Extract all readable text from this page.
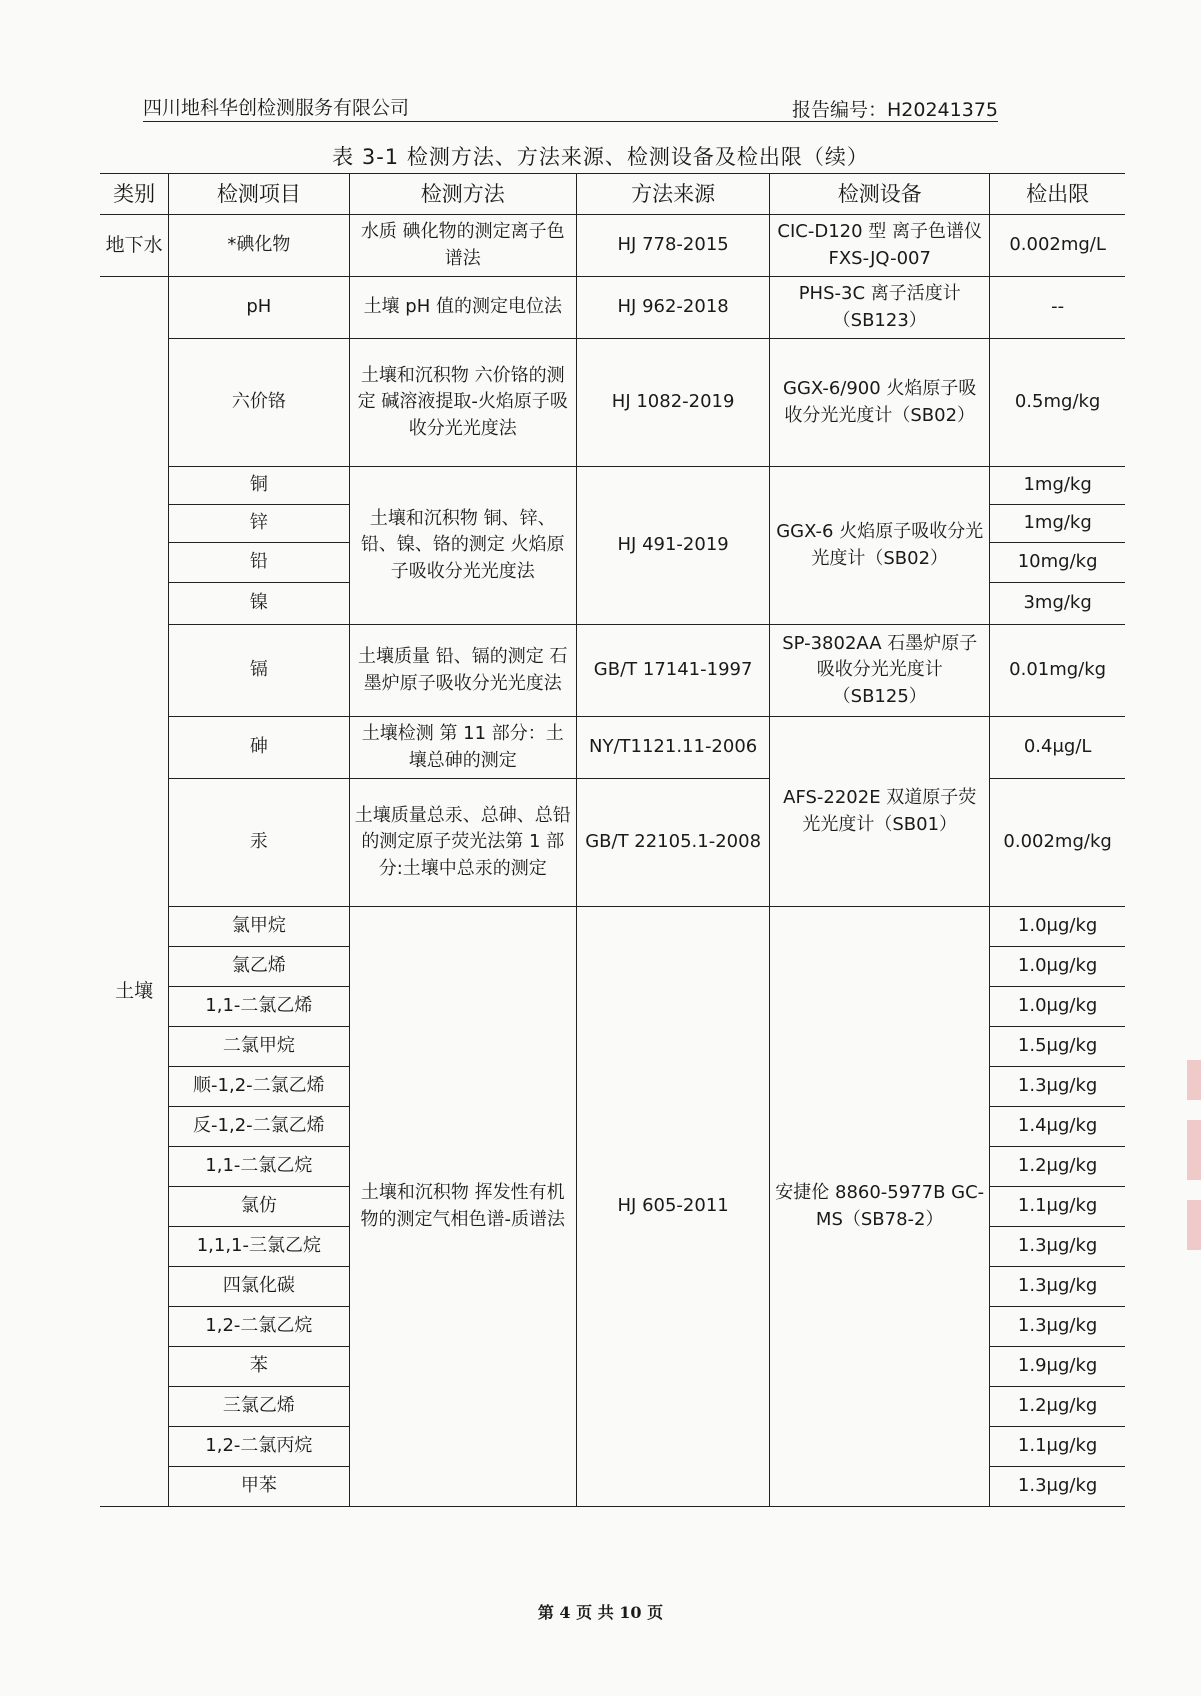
四川地科华创检测服务有限公司	报告编号：H20241375
表 3-1 检测方法、方法来源、检测设备及检出限（续）
类别	检测项目	检测方法	方法来源	检测设备	检出限
地下水	*碘化物	水质 碘化物的测定离子色谱法	HJ 778-2015	CIC-D120 型 离子色谱仪 FXS-JQ-007	0.002mg/L
土壤	pH	土壤 pH 值的测定电位法	HJ 962-2018	PHS-3C 离子活度计（SB123）	--
	六价铬	土壤和沉积物 六价铬的测定 碱溶液提取-火焰原子吸收分光光度法	HJ 1082-2019	GGX-6/900 火焰原子吸收分光光度计（SB02）	0.5mg/kg
	铜	土壤和沉积物 铜、锌、铅、镍、铬的测定 火焰原子吸收分光光度法	HJ 491-2019	GGX-6 火焰原子吸收分光光度计（SB02）	1mg/kg
	锌				1mg/kg
	铅				10mg/kg
	镍				3mg/kg
	镉	土壤质量 铅、镉的测定 石墨炉原子吸收分光光度法	GB/T 17141-1997	SP-3802AA 石墨炉原子吸收分光光度计（SB125）	0.01mg/kg
	砷	土壤检测 第 11 部分：土壤总砷的测定	NY/T1121.11-2006	AFS-2202E 双道原子荧光光度计（SB01）	0.4μg/L
	汞	土壤质量总汞、总砷、总铅的测定原子荧光法第 1 部分:土壤中总汞的测定	GB/T 22105.1-2008		0.002mg/kg
	氯甲烷	土壤和沉积物 挥发性有机物的测定气相色谱-质谱法	HJ 605-2011	安捷伦 8860-5977B GC-MS（SB78-2）	1.0μg/kg
	氯乙烯				1.0μg/kg
	1,1-二氯乙烯				1.0μg/kg
	二氯甲烷				1.5μg/kg
	顺-1,2-二氯乙烯				1.3μg/kg
	反-1,2-二氯乙烯				1.4μg/kg
	1,1-二氯乙烷				1.2μg/kg
	氯仿				1.1μg/kg
	1,1,1-三氯乙烷				1.3μg/kg
	四氯化碳				1.3μg/kg
	1,2-二氯乙烷				1.3μg/kg
	苯				1.9μg/kg
	三氯乙烯				1.2μg/kg
	1,2-二氯丙烷				1.1μg/kg
	甲苯				1.3μg/kg
第 4 页 共 10 页
